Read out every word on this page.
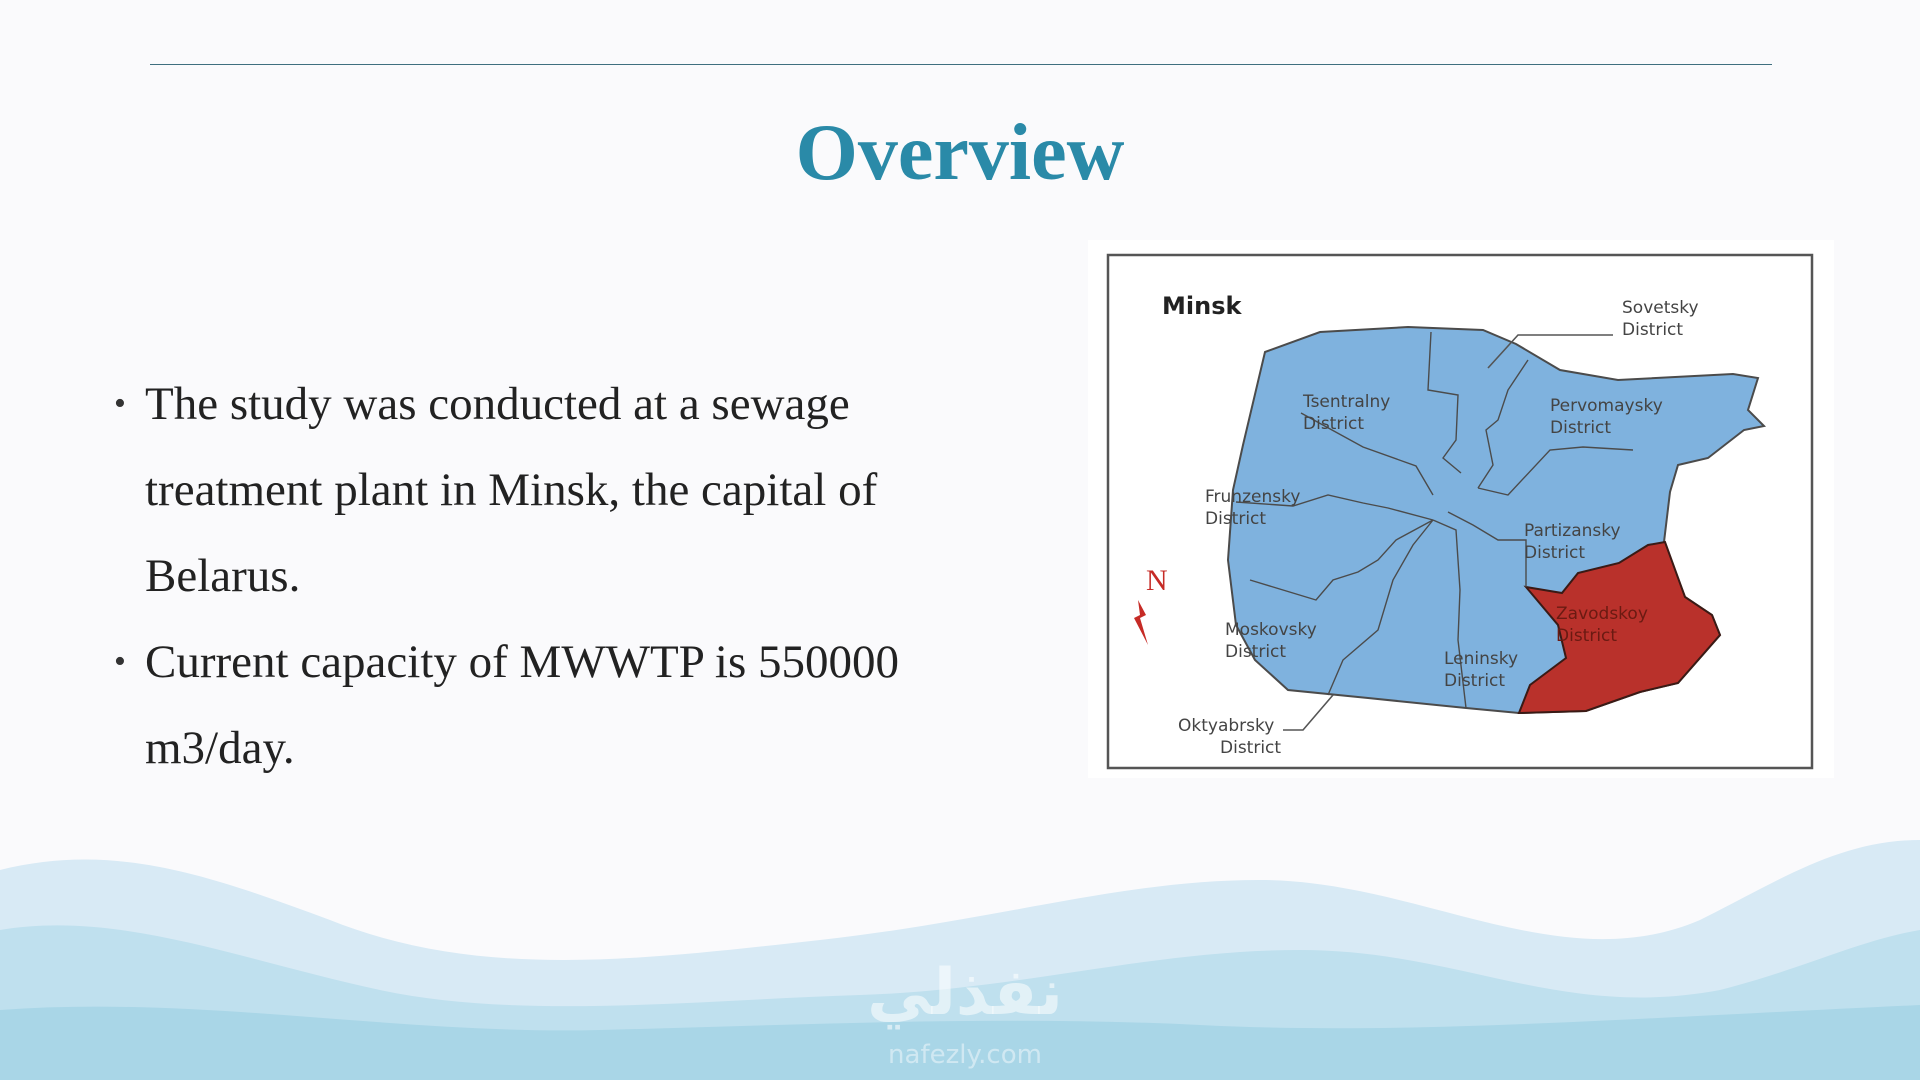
Overview
• The study was conducted at a sewage treatment plant in Minsk, the capital of Belarus.
• Current capacity of MWWTP is 550000 m3/day.
N
Minsk	Sovetsky
District
Tsentralny
District
Pervomaysky
District
Frunzensky
District
Partizansky
District
Zavodskoy
District
Moskovsky
District	Leninsky
District
Oktyabrsky
District
نفذلي
nafezly.com
